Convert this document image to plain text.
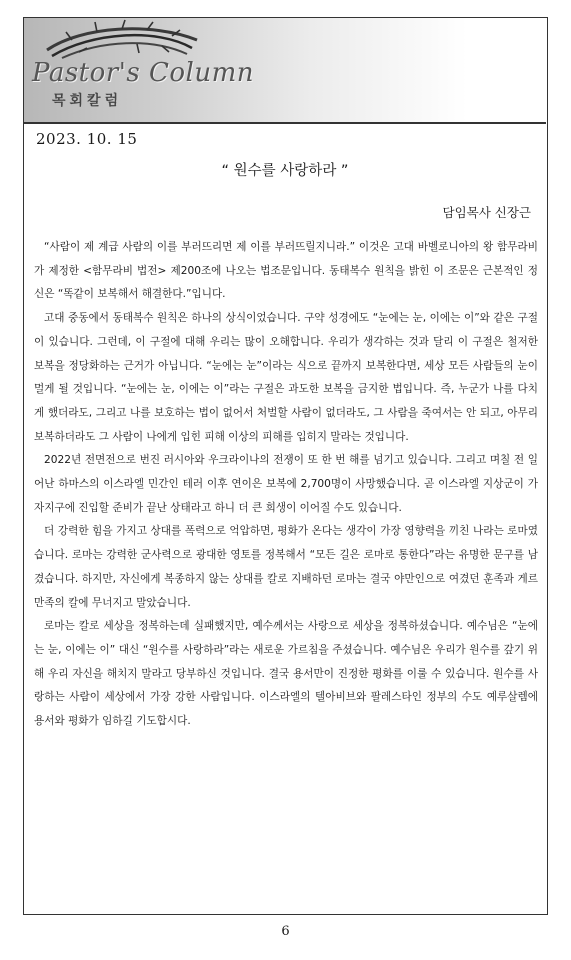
Pastor's Column
목회칼럼
2023. 10. 15
“ 원수를 사랑하라 ”
담임목사 신장근

“사람이 제 계급 사람의 이를 부러뜨리면 제 이를 부러뜨릴지니라.” 이것은 고대 바벨로니아의 왕 함무라비가 제정한 <함무라비 법전> 제200조에 나오는 법조문입니다. 동태복수 원칙을 밝힌 이 조문은 근본적인 정신은 “똑같이 보복해서 해결한다.”입니다.

고대 중동에서 동태복수 원칙은 하나의 상식이었습니다. 구약 성경에도 “눈에는 눈, 이에는 이”와 같은 구절이 있습니다. 그런데, 이 구절에 대해 우리는 많이 오해합니다. 우리가 생각하는 것과 달리 이 구절은 철저한 보복을 정당화하는 근거가 아닙니다. “눈에는 눈”이라는 식으로 끝까지 보복한다면, 세상 모든 사람들의 눈이 멀게 될 것입니다. “눈에는 눈, 이에는 이”라는 구절은 과도한 보복을 금지한 법입니다. 즉, 누군가 나를 다치게 했더라도, 그리고 나를 보호하는 법이 없어서 처벌할 사람이 없더라도, 그 사람을 죽여서는 안 되고, 아무리 보복하더라도 그 사람이 나에게 입힌 피해 이상의 피해를 입히지 말라는 것입니다.

2022년 전면전으로 번진 러시아와 우크라이나의 전쟁이 또 한 번 해를 넘기고 있습니다. 그리고 며칠 전 일어난 하마스의 이스라엘 민간인 테러 이후 연이은 보복에 2,700명이 사망했습니다. 곧 이스라엘 지상군이 가자지구에 진입할 준비가 끝난 상태라고 하니 더 큰 희생이 이어질 수도 있습니다.

더 강력한 힘을 가지고 상대를 폭력으로 억압하면, 평화가 온다는 생각이 가장 영향력을 끼친 나라는 로마였습니다. 로마는 강력한 군사력으로 광대한 영토를 정복해서 “모든 길은 로마로 통한다”라는 유명한 문구를 남겼습니다. 하지만, 자신에게 복종하지 않는 상대를 칼로 지배하던 로마는 결국 야만인으로 여겼던 훈족과 게르만족의 칼에 무너지고 말았습니다.

로마는 칼로 세상을 정복하는데 실패했지만, 예수께서는 사랑으로 세상을 정복하셨습니다. 예수님은 “눈에는 눈, 이에는 이” 대신 “원수를 사랑하라”라는 새로운 가르침을 주셨습니다. 예수님은 우리가 원수를 갚기 위해 우리 자신을 해치지 말라고 당부하신 것입니다. 결국 용서만이 진정한 평화를 이룰 수 있습니다. 원수를 사랑하는 사람이 세상에서 가장 강한 사람입니다. 이스라엘의 텔아비브와 팔레스타인 정부의 수도 예루살렘에 용서와 평화가 임하길 기도합시다.

6
